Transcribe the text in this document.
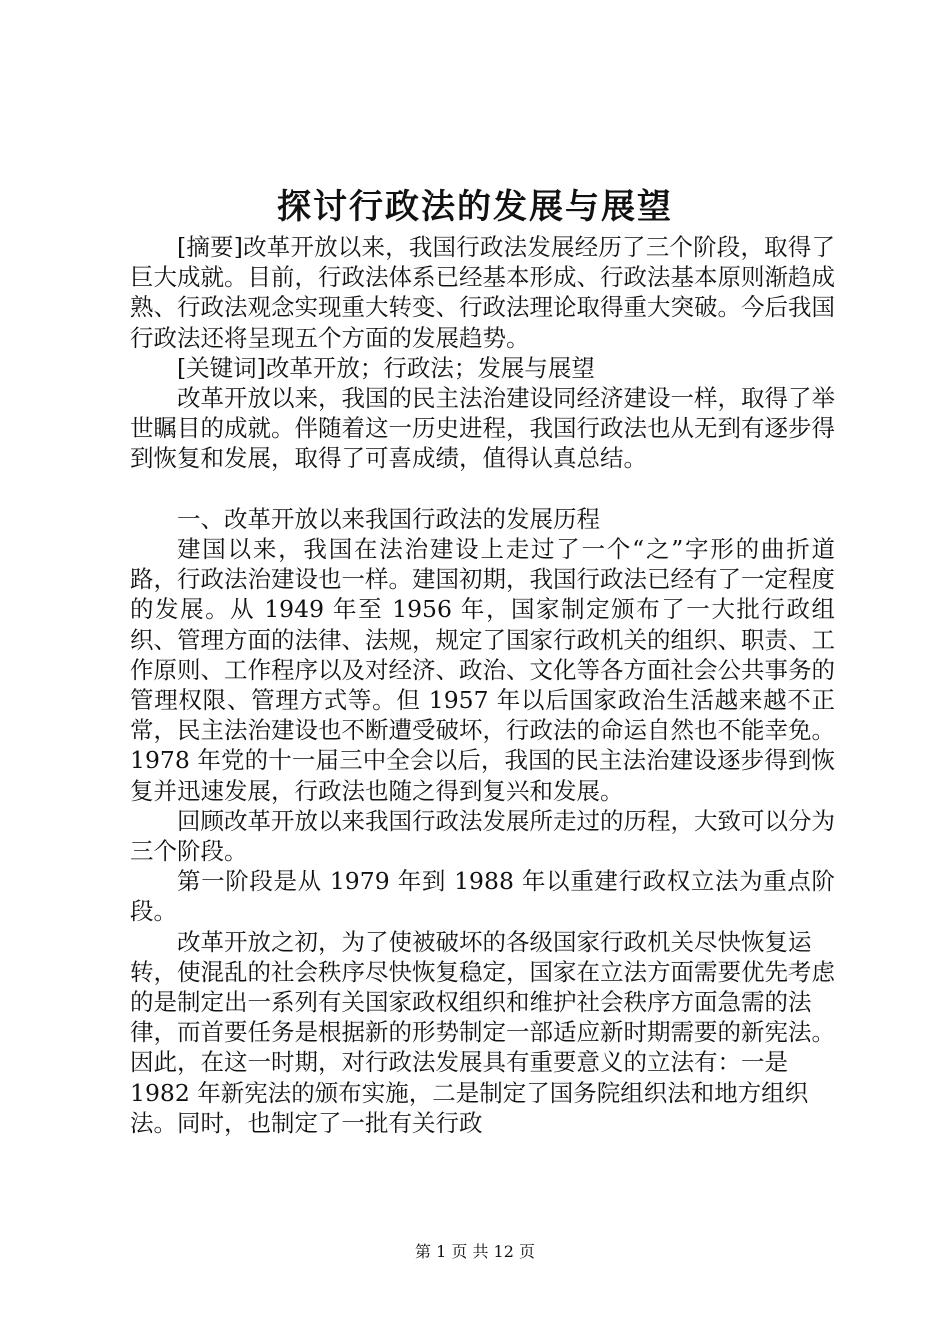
探讨行政法的发展与展望

[摘要]改革开放以来，我国行政法发展经历了三个阶段，取得了巨大成就。目前，行政法体系已经基本形成、行政法基本原则渐趋成熟、行政法观念实现重大转变、行政法理论取得重大突破。今后我国行政法还将呈现五个方面的发展趋势。

[关键词]改革开放；行政法；发展与展望

改革开放以来，我国的民主法治建设同经济建设一样，取得了举世瞩目的成就。伴随着这一历史进程，我国行政法也从无到有逐步得到恢复和发展，取得了可喜成绩，值得认真总结。

一、改革开放以来我国行政法的发展历程

建国以来，我国在法治建设上走过了一个“之”字形的曲折道路，行政法治建设也一样。建国初期，我国行政法已经有了一定程度的发展。从 1949 年至 1956 年，国家制定颁布了一大批行政组织、管理方面的法律、法规，规定了国家行政机关的组织、职责、工作原则、工作程序以及对经济、政治、文化等各方面社会公共事务的管理权限、管理方式等。但 1957 年以后国家政治生活越来越不正常，民主法治建设也不断遭受破坏，行政法的命运自然也不能幸免。1978 年党的十一届三中全会以后，我国的民主法治建设逐步得到恢复并迅速发展，行政法也随之得到复兴和发展。

回顾改革开放以来我国行政法发展所走过的历程，大致可以分为三个阶段。

第一阶段是从 1979 年到 1988 年以重建行政权立法为重点阶段。

改革开放之初，为了使被破坏的各级国家行政机关尽快恢复运转，使混乱的社会秩序尽快恢复稳定，国家在立法方面需要优先考虑的是制定出一系列有关国家政权组织和维护社会秩序方面急需的法律，而首要任务是根据新的形势制定一部适应新时期需要的新宪法。因此，在这一时期，对行政法发展具有重要意义的立法有：一是 1982 年新宪法的颁布实施，二是制定了国务院组织法和地方组织法。同时，也制定了一批有关行政

第 1 页 共 12 页
